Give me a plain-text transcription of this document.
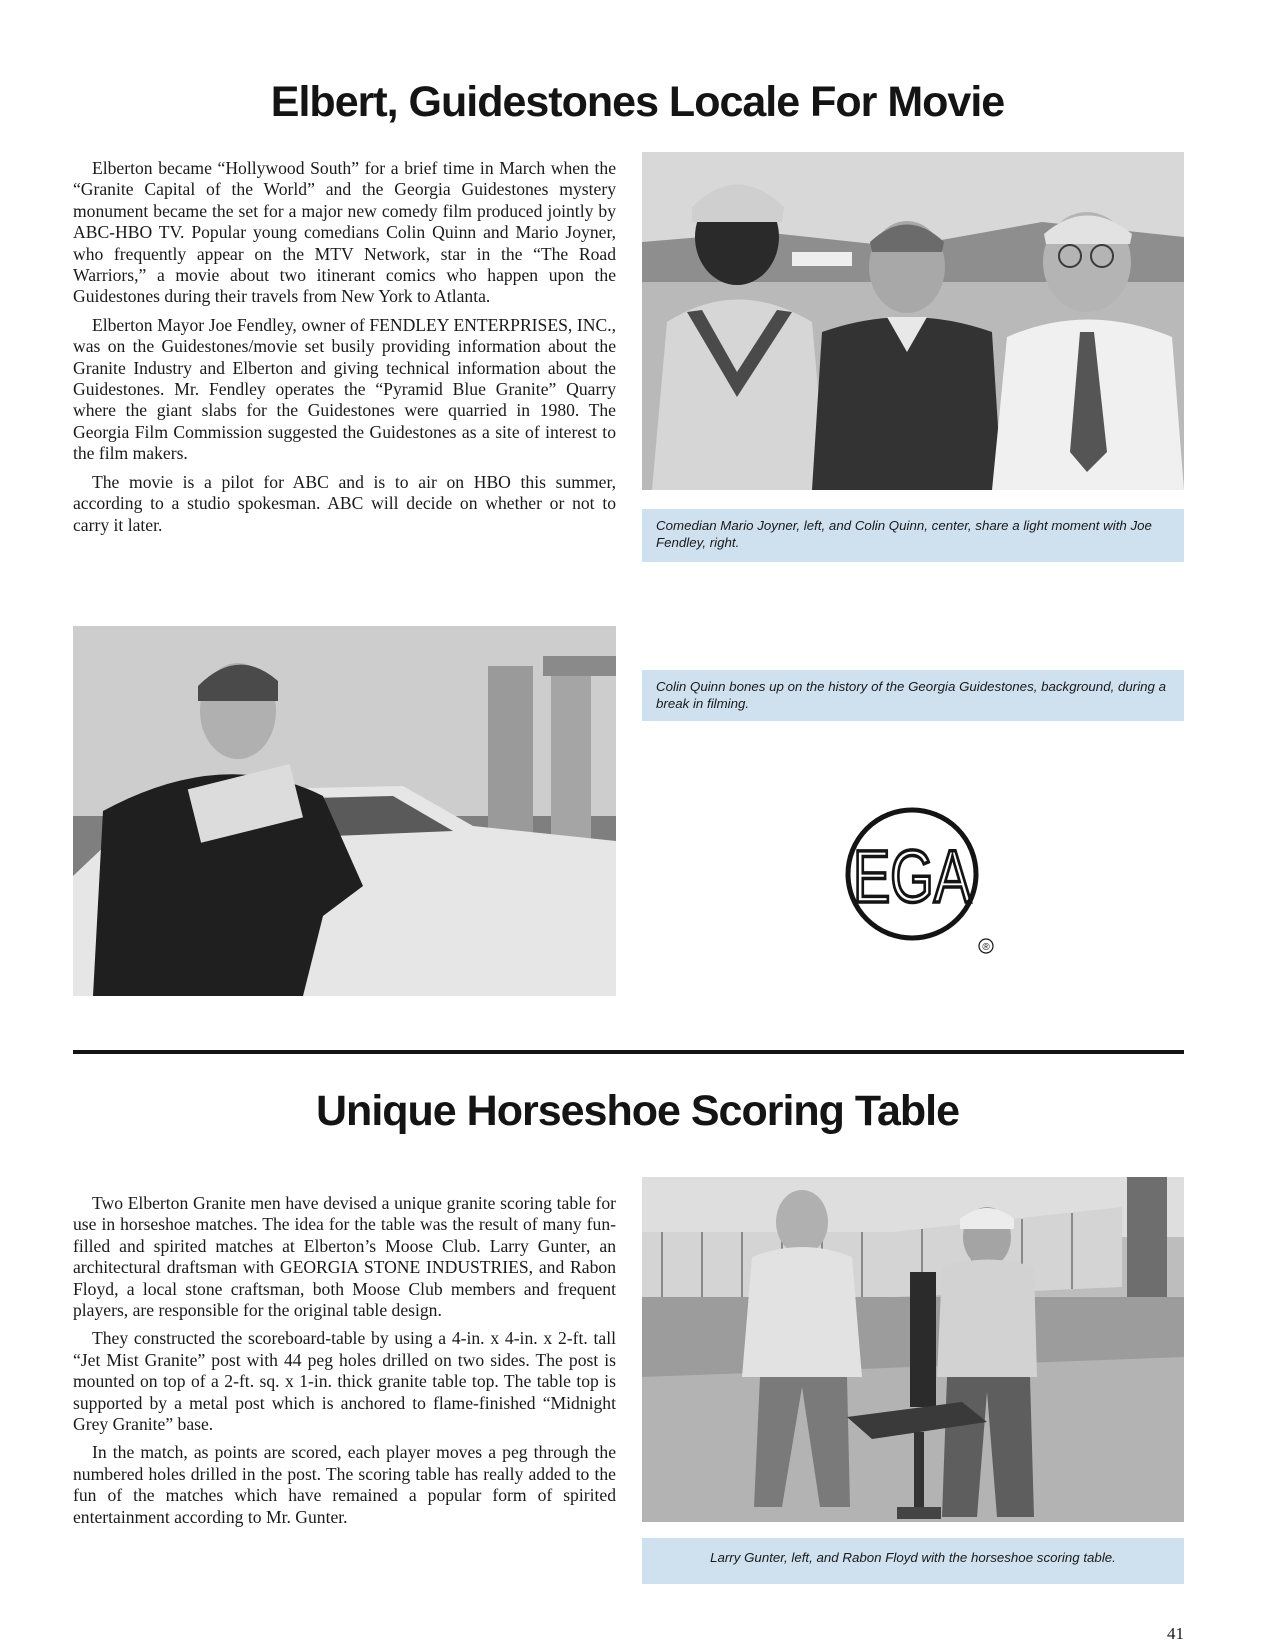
Elbert, Guidestones Locale For Movie

Elberton became “Hollywood South” for a brief time in March when the “Granite Capital of the World” and the Georgia Guidestones mystery monument became the set for a major new comedy film produced jointly by ABC-HBO TV. Popular young comedians Colin Quinn and Mario Joyner, who frequently appear on the MTV Network, star in the “The Road Warriors,” a movie about two itinerant comics who happen upon the Guidestones during their travels from New York to Atlanta.

Elberton Mayor Joe Fendley, owner of FENDLEY ENTERPRISES, INC., was on the Guidestones/movie set busily providing information about the Granite Industry and Elberton and giving technical information about the Guidestones. Mr. Fendley operates the “Pyramid Blue Granite” Quarry where the giant slabs for the Guidestones were quarried in 1980. The Georgia Film Commission suggested the Guidestones as a site of interest to the film makers.

The movie is a pilot for ABC and is to air on HBO this summer, according to a studio spokesman. ABC will decide on whether or not to carry it later.	Comedian Mario Joyner, left, and Colin Quinn, center, share a light moment with Joe Fendley, right.
Colin Quinn bones up on the history of the Georgia Guidestones, background, during a break in filming.
EGA
®
Unique Horseshoe Scoring Table

Two Elberton Granite men have devised a unique granite scoring table for use in horseshoe matches. The idea for the table was the result of many fun-filled and spirited matches at Elberton’s Moose Club. Larry Gunter, an architectural draftsman with GEORGIA STONE INDUSTRIES, and Rabon Floyd, a local stone craftsman, both Moose Club members and frequent players, are responsible for the original table design.

They constructed the scoreboard-table by using a 4-in. x 4-in. x 2-ft. tall “Jet Mist Granite” post with 44 peg holes drilled on two sides. The post is mounted on top of a 2-ft. sq. x 1-in. thick granite table top. The table top is supported by a metal post which is anchored to flame-finished “Midnight Grey Granite” base.

In the match, as points are scored, each player moves a peg through the numbered holes drilled in the post. The scoring table has really added to the fun of the matches which have remained a popular form of spirited entertainment according to Mr. Gunter.

Larry Gunter, left, and Rabon Floyd with the horseshoe scoring table.
41
